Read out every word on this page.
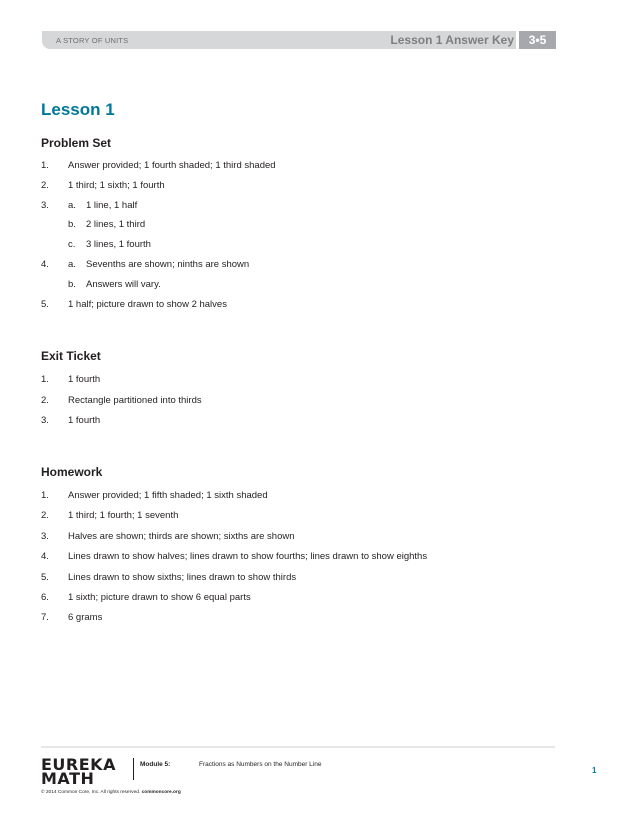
A STORY OF UNITS	Lesson 1 Answer Key	3•5
Lesson 1
Problem Set
1. Answer provided; 1 fourth shaded; 1 third shaded
2. 1 third; 1 sixth; 1 fourth
3. a. 1 line, 1 half
b. 2 lines, 1 third
c. 3 lines, 1 fourth
4. a. Sevenths are shown; ninths are shown
b. Answers will vary.
5. 1 half; picture drawn to show 2 halves
Exit Ticket
1. 1 fourth
2. Rectangle partitioned into thirds
3. 1 fourth
Homework
1. Answer provided; 1 fifth shaded; 1 sixth shaded
2. 1 third; 1 fourth; 1 seventh
3. Halves are shown; thirds are shown; sixths are shown
4. Lines drawn to show halves; lines drawn to show fourths; lines drawn to show eighths
5. Lines drawn to show sixths; lines drawn to show thirds
6. 1 sixth; picture drawn to show 6 equal parts
7. 6 grams
EUREKA
MATH
Module 5:	Fractions as Numbers on the Number Line
© 2014 Common Core, Inc. All rights reserved. commoncore.org
1
